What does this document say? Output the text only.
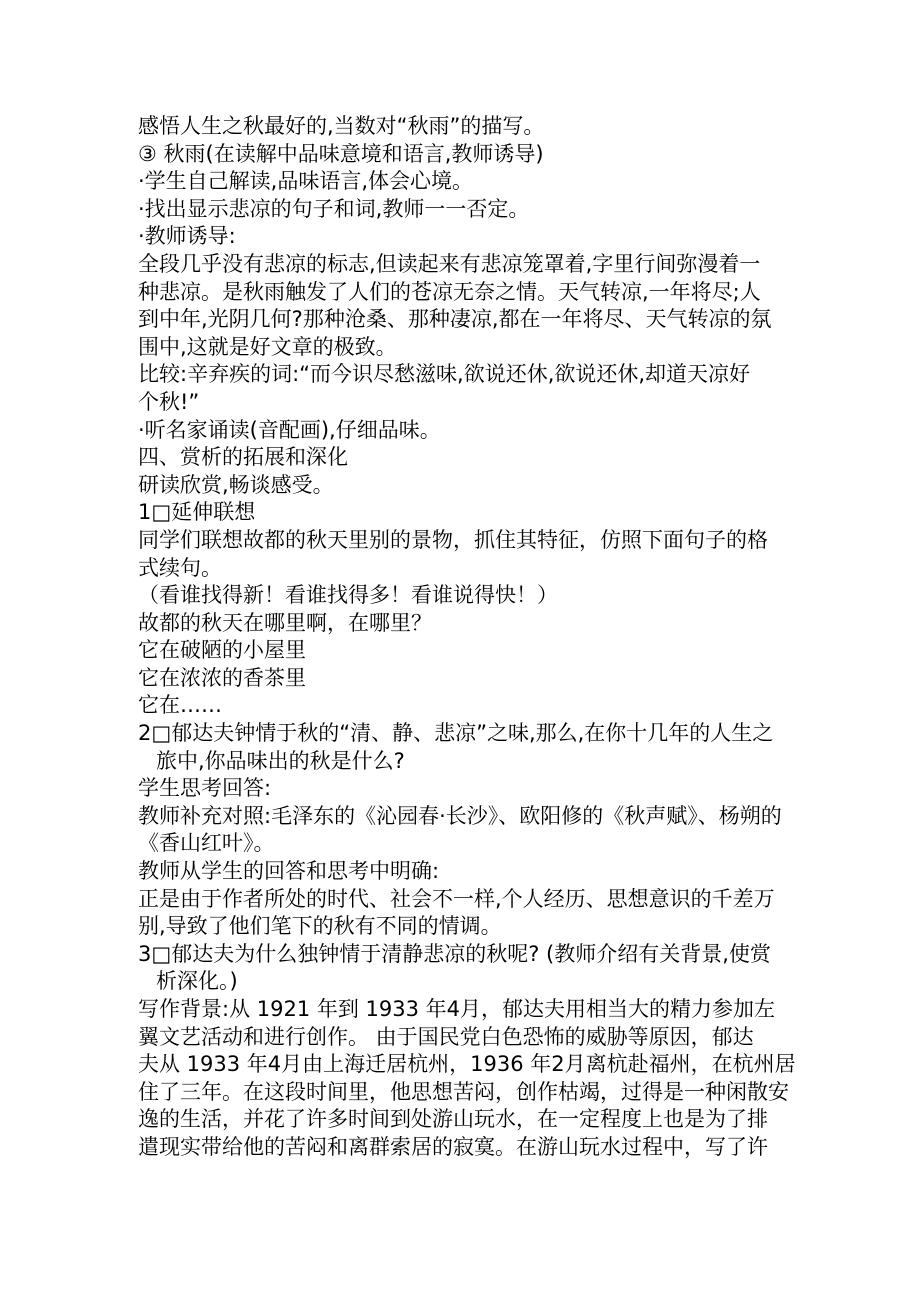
感悟人生之秋最好的,当数对“秋雨”的描写。
③ 秋雨(在读解中品味意境和语言,教师诱导)
·学生自己解读,品味语言,体会心境。
·找出显示悲凉的句子和词,教师一一否定。
·教师诱导:
全段几乎没有悲凉的标志,但读起来有悲凉笼罩着,字里行间弥漫着一
种悲凉。是秋雨触发了人们的苍凉无奈之情。天气转凉,一年将尽;人
到中年,光阴几何?那种沧桑、那种凄凉,都在一年将尽、天气转凉的氛
围中,这就是好文章的极致。
比较:辛弃疾的词:“而今识尽愁滋味,欲说还休,欲说还休,却道天凉好
个秋!”
·听名家诵读(音配画),仔细品味。
四、赏析的拓展和深化
研读欣赏,畅谈感受。
1□延伸联想
同学们联想故都的秋天里别的景物，抓住其特征，仿照下面句子的格
式续句。
（看谁找得新！看谁找得多！看谁说得快！）
故都的秋天在哪里啊，在哪里？
它在破陋的小屋里
它在浓浓的香茶里
它在……
2□郁达夫钟情于秋的“清、静、悲凉”之味,那么,在你十几年的人生之
旅中,你品味出的秋是什么?
学生思考回答:
教师补充对照:毛泽东的《沁园春·长沙》、欧阳修的《秋声赋》、杨朔的
《香山红叶》。
教师从学生的回答和思考中明确:
正是由于作者所处的时代、社会不一样,个人经历、思想意识的千差万
别,导致了他们笔下的秋有不同的情调。
3□郁达夫为什么独钟情于清静悲凉的秋呢? (教师介绍有关背景,使赏
析深化。)
写作背景:从 1921 年到 1933 年4月，郁达夫用相当大的精力参加左
翼文艺活动和进行创作。 由于国民党白色恐怖的威胁等原因，郁达
夫从 1933 年4月由上海迁居杭州，1936 年2月离杭赴福州，在杭州居
住了三年。在这段时间里，他思想苦闷，创作枯竭，过得是一种闲散安
逸的生活，并花了许多时间到处游山玩水，在一定程度上也是为了排
遣现实带给他的苦闷和离群索居的寂寞。在游山玩水过程中，写了许
